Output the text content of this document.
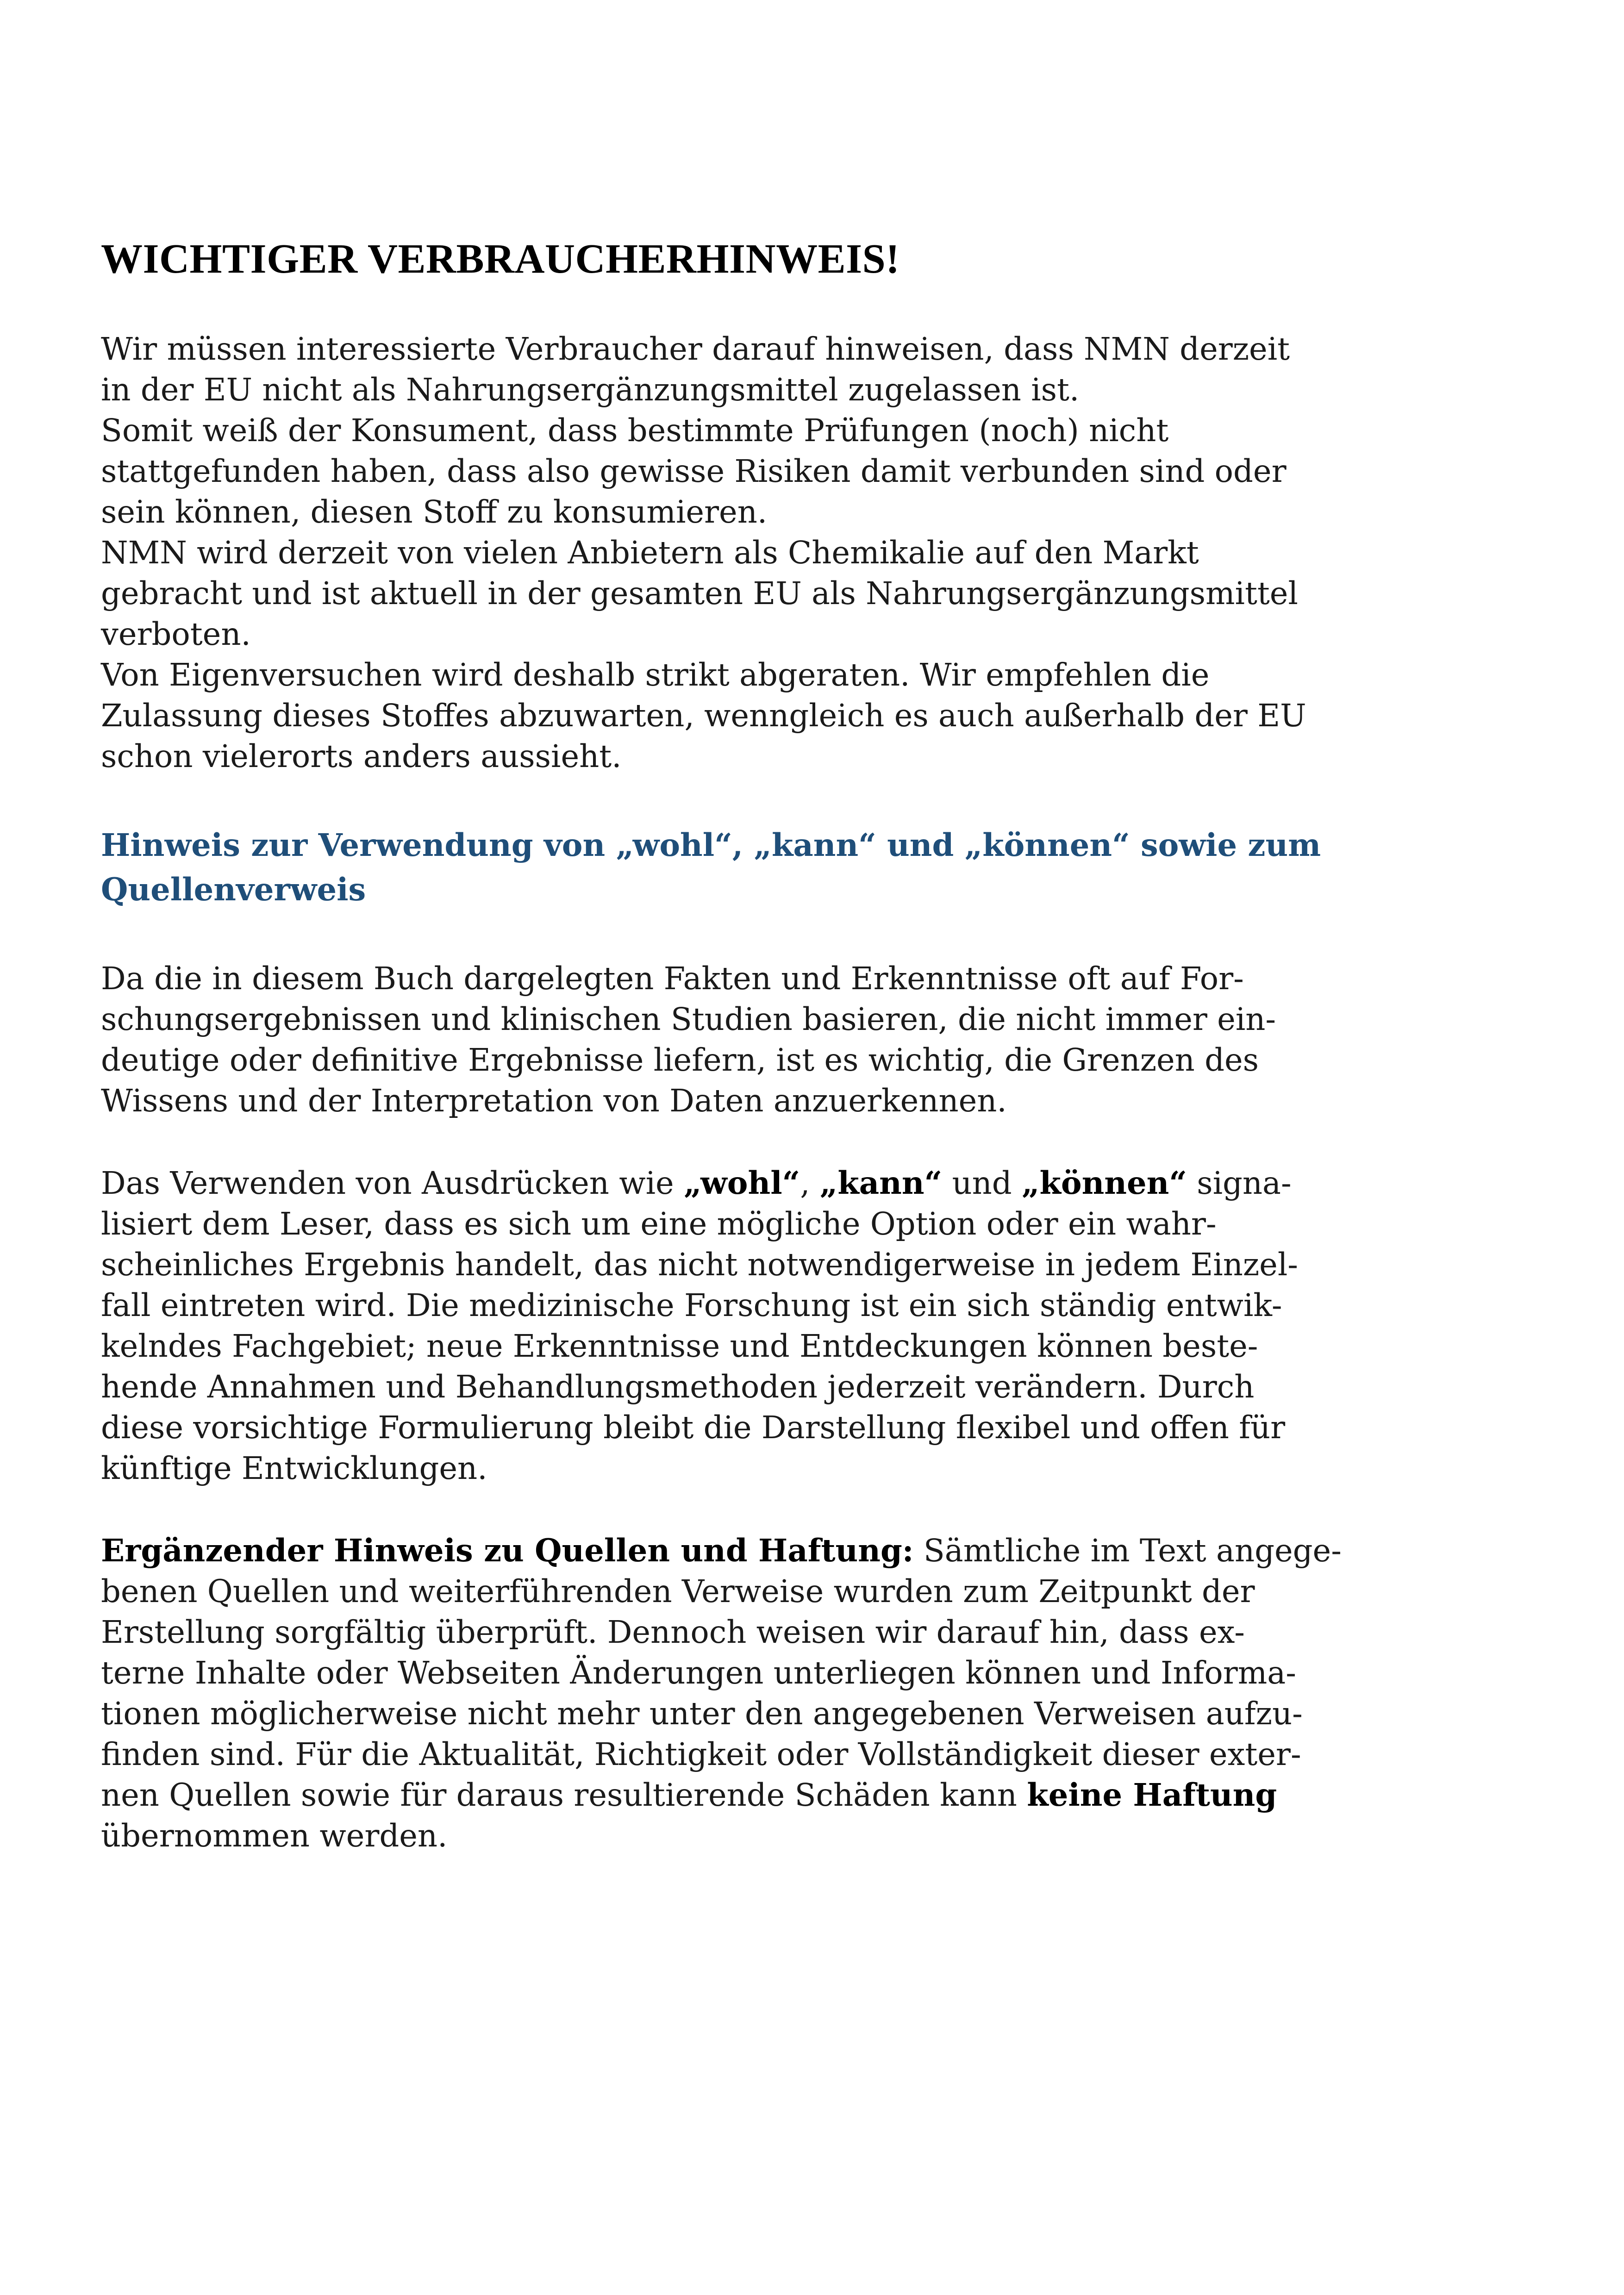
WICHTIGER VERBRAUCHERHINWEIS!

Wir müssen interessierte Verbraucher darauf hinweisen, dass NMN derzeit
in der EU nicht als Nahrungsergänzungsmittel zugelassen ist.
Somit weiß der Konsument, dass bestimmte Prüfungen (noch) nicht
stattgefunden haben, dass also gewisse Risiken damit verbunden sind oder
sein können, diesen Stoff zu konsumieren.
NMN wird derzeit von vielen Anbietern als Chemikalie auf den Markt
gebracht und ist aktuell in der gesamten EU als Nahrungsergänzungsmittel
verboten.
Von Eigenversuchen wird deshalb strikt abgeraten. Wir empfehlen die
Zulassung dieses Stoffes abzuwarten, wenngleich es auch außerhalb der EU
schon vielerorts anders aussieht.

Hinweis zur Verwendung von „wohl“, „kann“ und „können“ sowie zum
Quellenverweis

Da die in diesem Buch dargelegten Fakten und Erkenntnisse oft auf For-
schungsergebnissen und klinischen Studien basieren, die nicht immer ein-
deutige oder definitive Ergebnisse liefern, ist es wichtig, die Grenzen des
Wissens und der Interpretation von Daten anzuerkennen.

Das Verwenden von Ausdrücken wie „wohl“, „kann“ und „können“ signa-
lisiert dem Leser, dass es sich um eine mögliche Option oder ein wahr-
scheinliches Ergebnis handelt, das nicht notwendigerweise in jedem Einzel-
fall eintreten wird. Die medizinische Forschung ist ein sich ständig entwik-
kelndes Fachgebiet; neue Erkenntnisse und Entdeckungen können beste-
hende Annahmen und Behandlungsmethoden jederzeit verändern. Durch
diese vorsichtige Formulierung bleibt die Darstellung flexibel und offen für
künftige Entwicklungen.

Ergänzender Hinweis zu Quellen und Haftung: Sämtliche im Text angege-
benen Quellen und weiterführenden Verweise wurden zum Zeitpunkt der
Erstellung sorgfältig überprüft. Dennoch weisen wir darauf hin, dass ex-
terne Inhalte oder Webseiten Änderungen unterliegen können und Informa-
tionen möglicherweise nicht mehr unter den angegebenen Verweisen aufzu-
finden sind. Für die Aktualität, Richtigkeit oder Vollständigkeit dieser exter-
nen Quellen sowie für daraus resultierende Schäden kann keine Haftung
übernommen werden.
